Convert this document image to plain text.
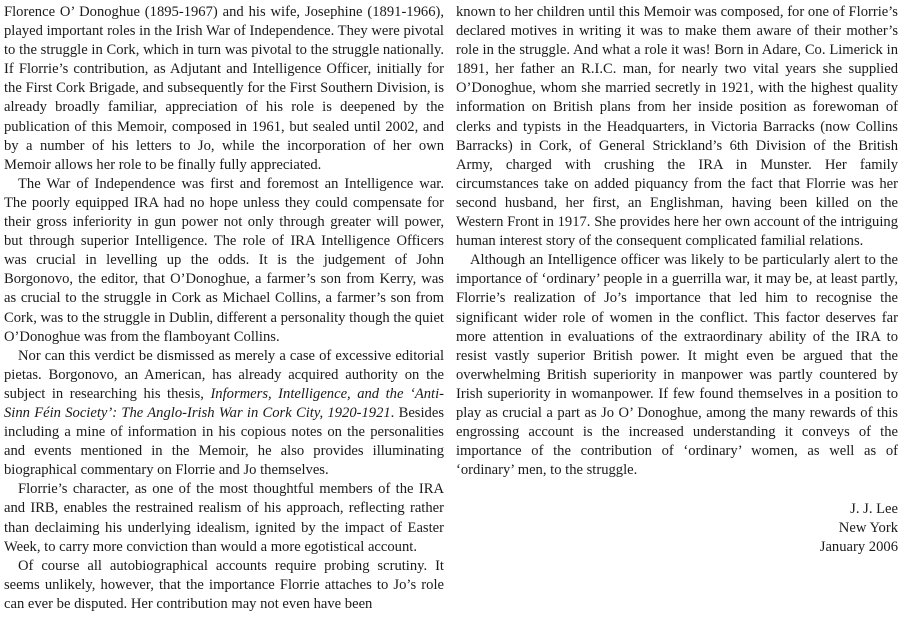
Florence O’ Donoghue (1895-1967) and his wife, Josephine (1891-1966), played important roles in the Irish War of Independence. They were pivotal to the struggle in Cork, which in turn was pivotal to the struggle nationally. If Florrie’s contribution, as Adjutant and Intelligence Officer, initially for the First Cork Brigade, and subsequently for the First Southern Division, is already broadly familiar, appreciation of his role is deepened by the publication of this Memoir, composed in 1961, but sealed until 2002, and by a number of his letters to Jo, while the incorporation of her own Memoir allows her role to be finally fully appreciated.

The War of Independence was first and foremost an Intelligence war. The poorly equipped IRA had no hope unless they could compensate for their gross inferiority in gun power not only through greater will power, but through superior Intelligence. The role of IRA Intelligence Officers was crucial in levelling up the odds. It is the judgement of John Borgonovo, the editor, that O’Donoghue, a farmer’s son from Kerry, was as crucial to the struggle in Cork as Michael Collins, a farmer’s son from Cork, was to the struggle in Dublin, different a personality though the quiet O’Donoghue was from the flamboyant Collins.

Nor can this verdict be dismissed as merely a case of excessive editorial pietas. Borgonovo, an American, has already acquired authority on the subject in researching his thesis, Informers, Intelligence, and the ‘Anti-Sinn Féin Society’: The Anglo-Irish War in Cork City, 1920-1921. Besides including a mine of information in his copious notes on the personalities and events mentioned in the Memoir, he also provides illuminating biographical commentary on Florrie and Jo themselves.

Florrie’s character, as one of the most thoughtful members of the IRA and IRB, enables the restrained realism of his approach, reflecting rather than declaiming his underlying idealism, ignited by the impact of Easter Week, to carry more conviction than would a more egotistical account.

Of course all autobiographical accounts require probing scrutiny. It seems unlikely, however, that the importance Florrie attaches to Jo’s role can ever be disputed. Her contribution may not even have been

known to her children until this Memoir was composed, for one of Florrie’s declared motives in writing it was to make them aware of their mother’s role in the struggle. And what a role it was! Born in Adare, Co. Limerick in 1891, her father an R.I.C. man, for nearly two vital years she supplied O’Donoghue, whom she married secretly in 1921, with the highest quality information on British plans from her inside position as forewoman of clerks and typists in the Headquarters, in Victoria Barracks (now Collins Barracks) in Cork, of General Strickland’s 6th Division of the British Army, charged with crushing the IRA in Munster. Her family circumstances take on added piquancy from the fact that Florrie was her second husband, her first, an Englishman, having been killed on the Western Front in 1917. She provides here her own account of the intriguing human interest story of the consequent complicated familial relations.

Although an Intelligence officer was likely to be particularly alert to the importance of ‘ordinary’ people in a guerrilla war, it may be, at least partly, Florrie’s realization of Jo’s importance that led him to recognise the significant wider role of women in the conflict. This factor deserves far more attention in evaluations of the extraordinary ability of the IRA to resist vastly superior British power. It might even be argued that the overwhelming British superiority in manpower was partly countered by Irish superiority in womanpower. If few found themselves in a position to play as crucial a part as Jo O’ Donoghue, among the many rewards of this engrossing account is the increased understanding it conveys of the importance of the contribution of ‘ordinary’ women, as well as of ‘ordinary’ men, to the struggle.

J. J. Lee
New York
January 2006
